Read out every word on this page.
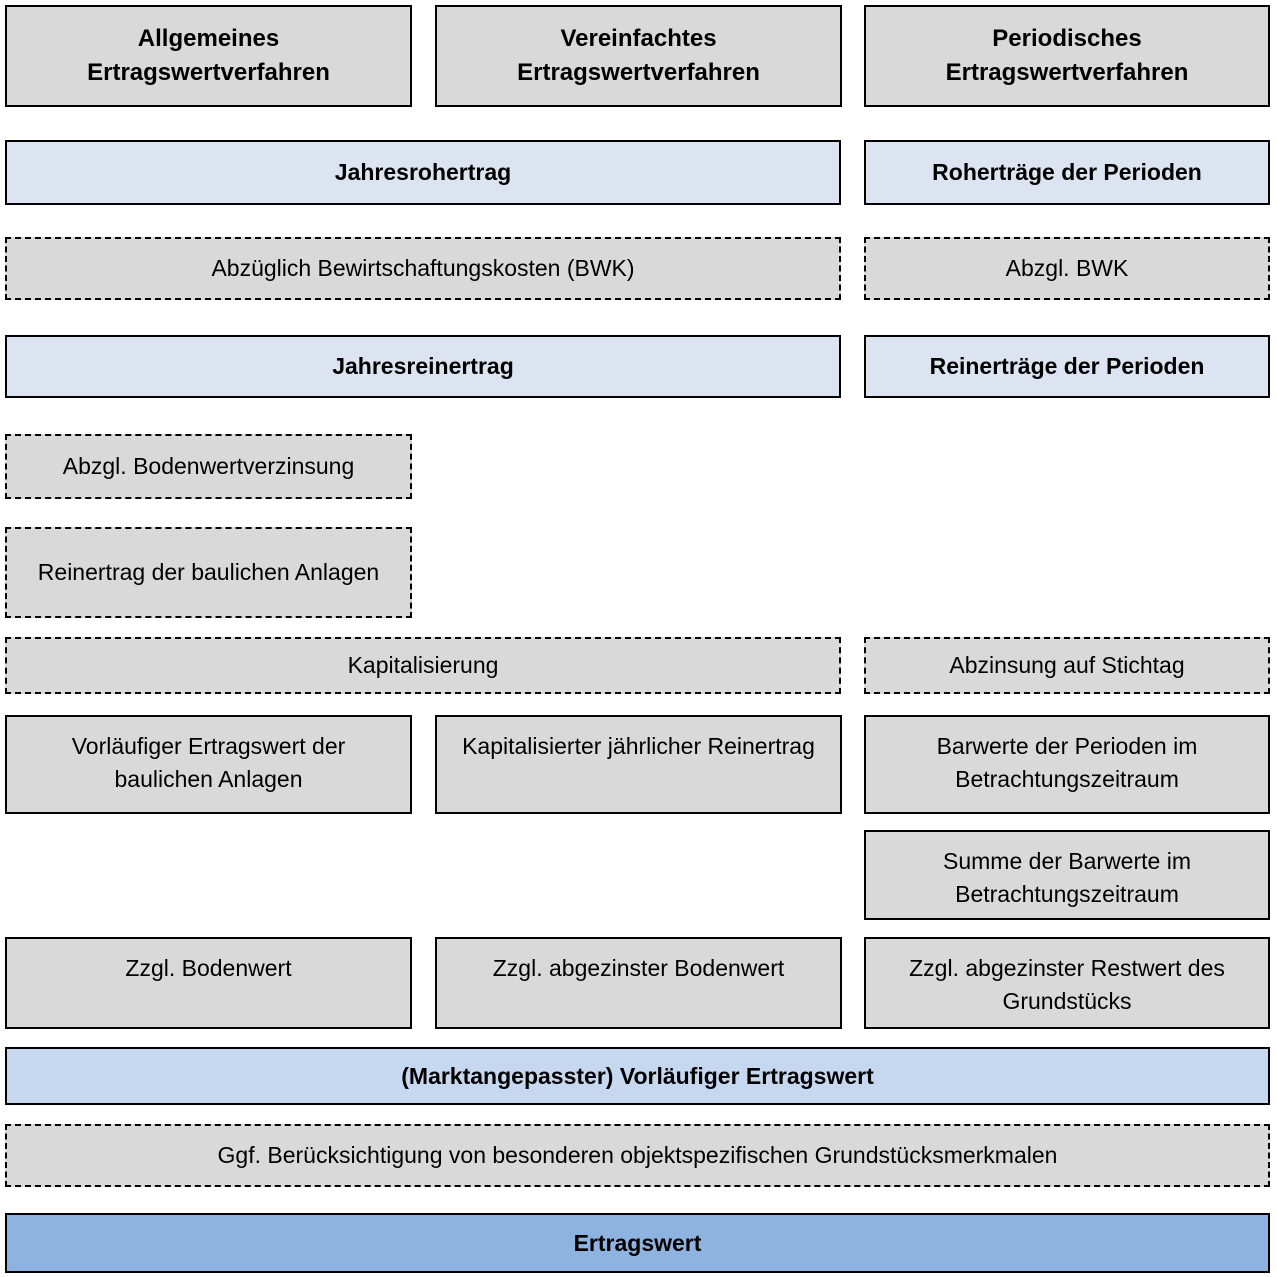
Allgemeines Ertragswertverfahren
Vereinfachtes Ertragswertverfahren
Periodisches Ertragswertverfahren
Jahresrohertrag	Roherträge der Perioden
Abzüglich Bewirtschaftungskosten (BWK)	Abzgl. BWK
Jahresreinertrag	Reinerträge der Perioden
Abzgl. Bodenwertverzinsung
Reinertrag der baulichen Anlagen
Kapitalisierung	Abzinsung auf Stichtag
Vorläufiger Ertragswert der baulichen Anlagen
Kapitalisierter jährlicher Reinertrag	Barwerte der Perioden im Betrachtungszeitraum
Summe der Barwerte im Betrachtungszeitraum
Zzgl. Bodenwert	Zzgl. abgezinster Bodenwert	Zzgl. abgezinster Restwert des Grundstücks
(Marktangepasster) Vorläufiger Ertragswert
Ggf. Berücksichtigung von besonderen objektspezifischen Grundstücksmerkmalen
Ertragswert
